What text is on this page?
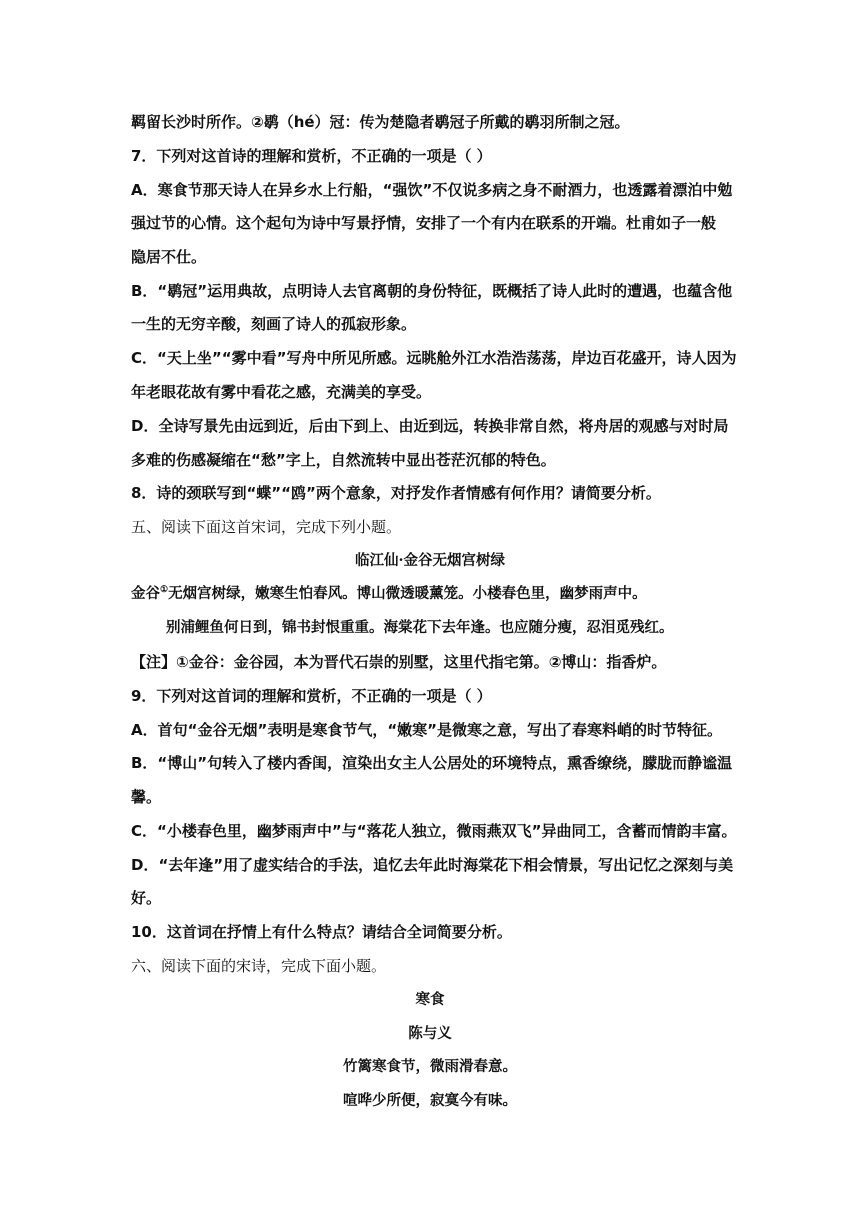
羁留长沙时所作。②鹖（hé）冠：传为楚隐者鹖冠子所戴的鹖羽所制之冠。
7．下列对这首诗的理解和赏析，不正确的一项是（ ）
A．寒食节那天诗人在异乡水上行船，“强饮”不仅说多病之身不耐酒力，也透露着漂泊中勉
强过节的心情。这个起句为诗中写景抒情，安排了一个有内在联系的开端。杜甫如子一般
隐居不仕。
B．“鹖冠”运用典故，点明诗人去官离朝的身份特征，既概括了诗人此时的遭遇，也蕴含他
一生的无穷辛酸，刻画了诗人的孤寂形象。
C．“天上坐”“雾中看”写舟中所见所感。远眺舱外江水浩浩荡荡，岸边百花盛开，诗人因为
年老眼花故有雾中看花之感，充满美的享受。
D．全诗写景先由远到近，后由下到上、由近到远，转换非常自然，将舟居的观感与对时局
多难的伤感凝缩在“愁”字上，自然流转中显出苍茫沉郁的特色。
8．诗的颈联写到“蝶”“鸥”两个意象，对抒发作者情感有何作用？请简要分析。
五、阅读下面这首宋词，完成下列小题。
临江仙·金谷无烟宫树绿
金谷①无烟宫树绿，嫩寒生怕春风。博山微透暖薰笼。小楼春色里，幽梦雨声中。
别浦鲤鱼何日到，锦书封恨重重。海棠花下去年逢。也应随分瘦，忍泪觅残红。
【注】①金谷：金谷园，本为晋代石崇的别墅，这里代指宅第。②博山：指香炉。
9．下列对这首词的理解和赏析，不正确的一项是（ ）
A．首句“金谷无烟”表明是寒食节气，“嫩寒”是微寒之意，写出了春寒料峭的时节特征。
B．“博山”句转入了楼内香闺，渲染出女主人公居处的环境特点，熏香缭绕，朦胧而静谧温
馨。
C．“小楼春色里，幽梦雨声中”与“落花人独立，微雨燕双飞”异曲同工，含蓄而情韵丰富。
D．“去年逢”用了虚实结合的手法，追忆去年此时海棠花下相会情景，写出记忆之深刻与美
好。
10．这首词在抒情上有什么特点？请结合全词简要分析。
六、阅读下面的宋诗，完成下面小题。
寒食
陈与义
竹篱寒食节，微雨滑春意。
喧哗少所便，寂寞今有味。
